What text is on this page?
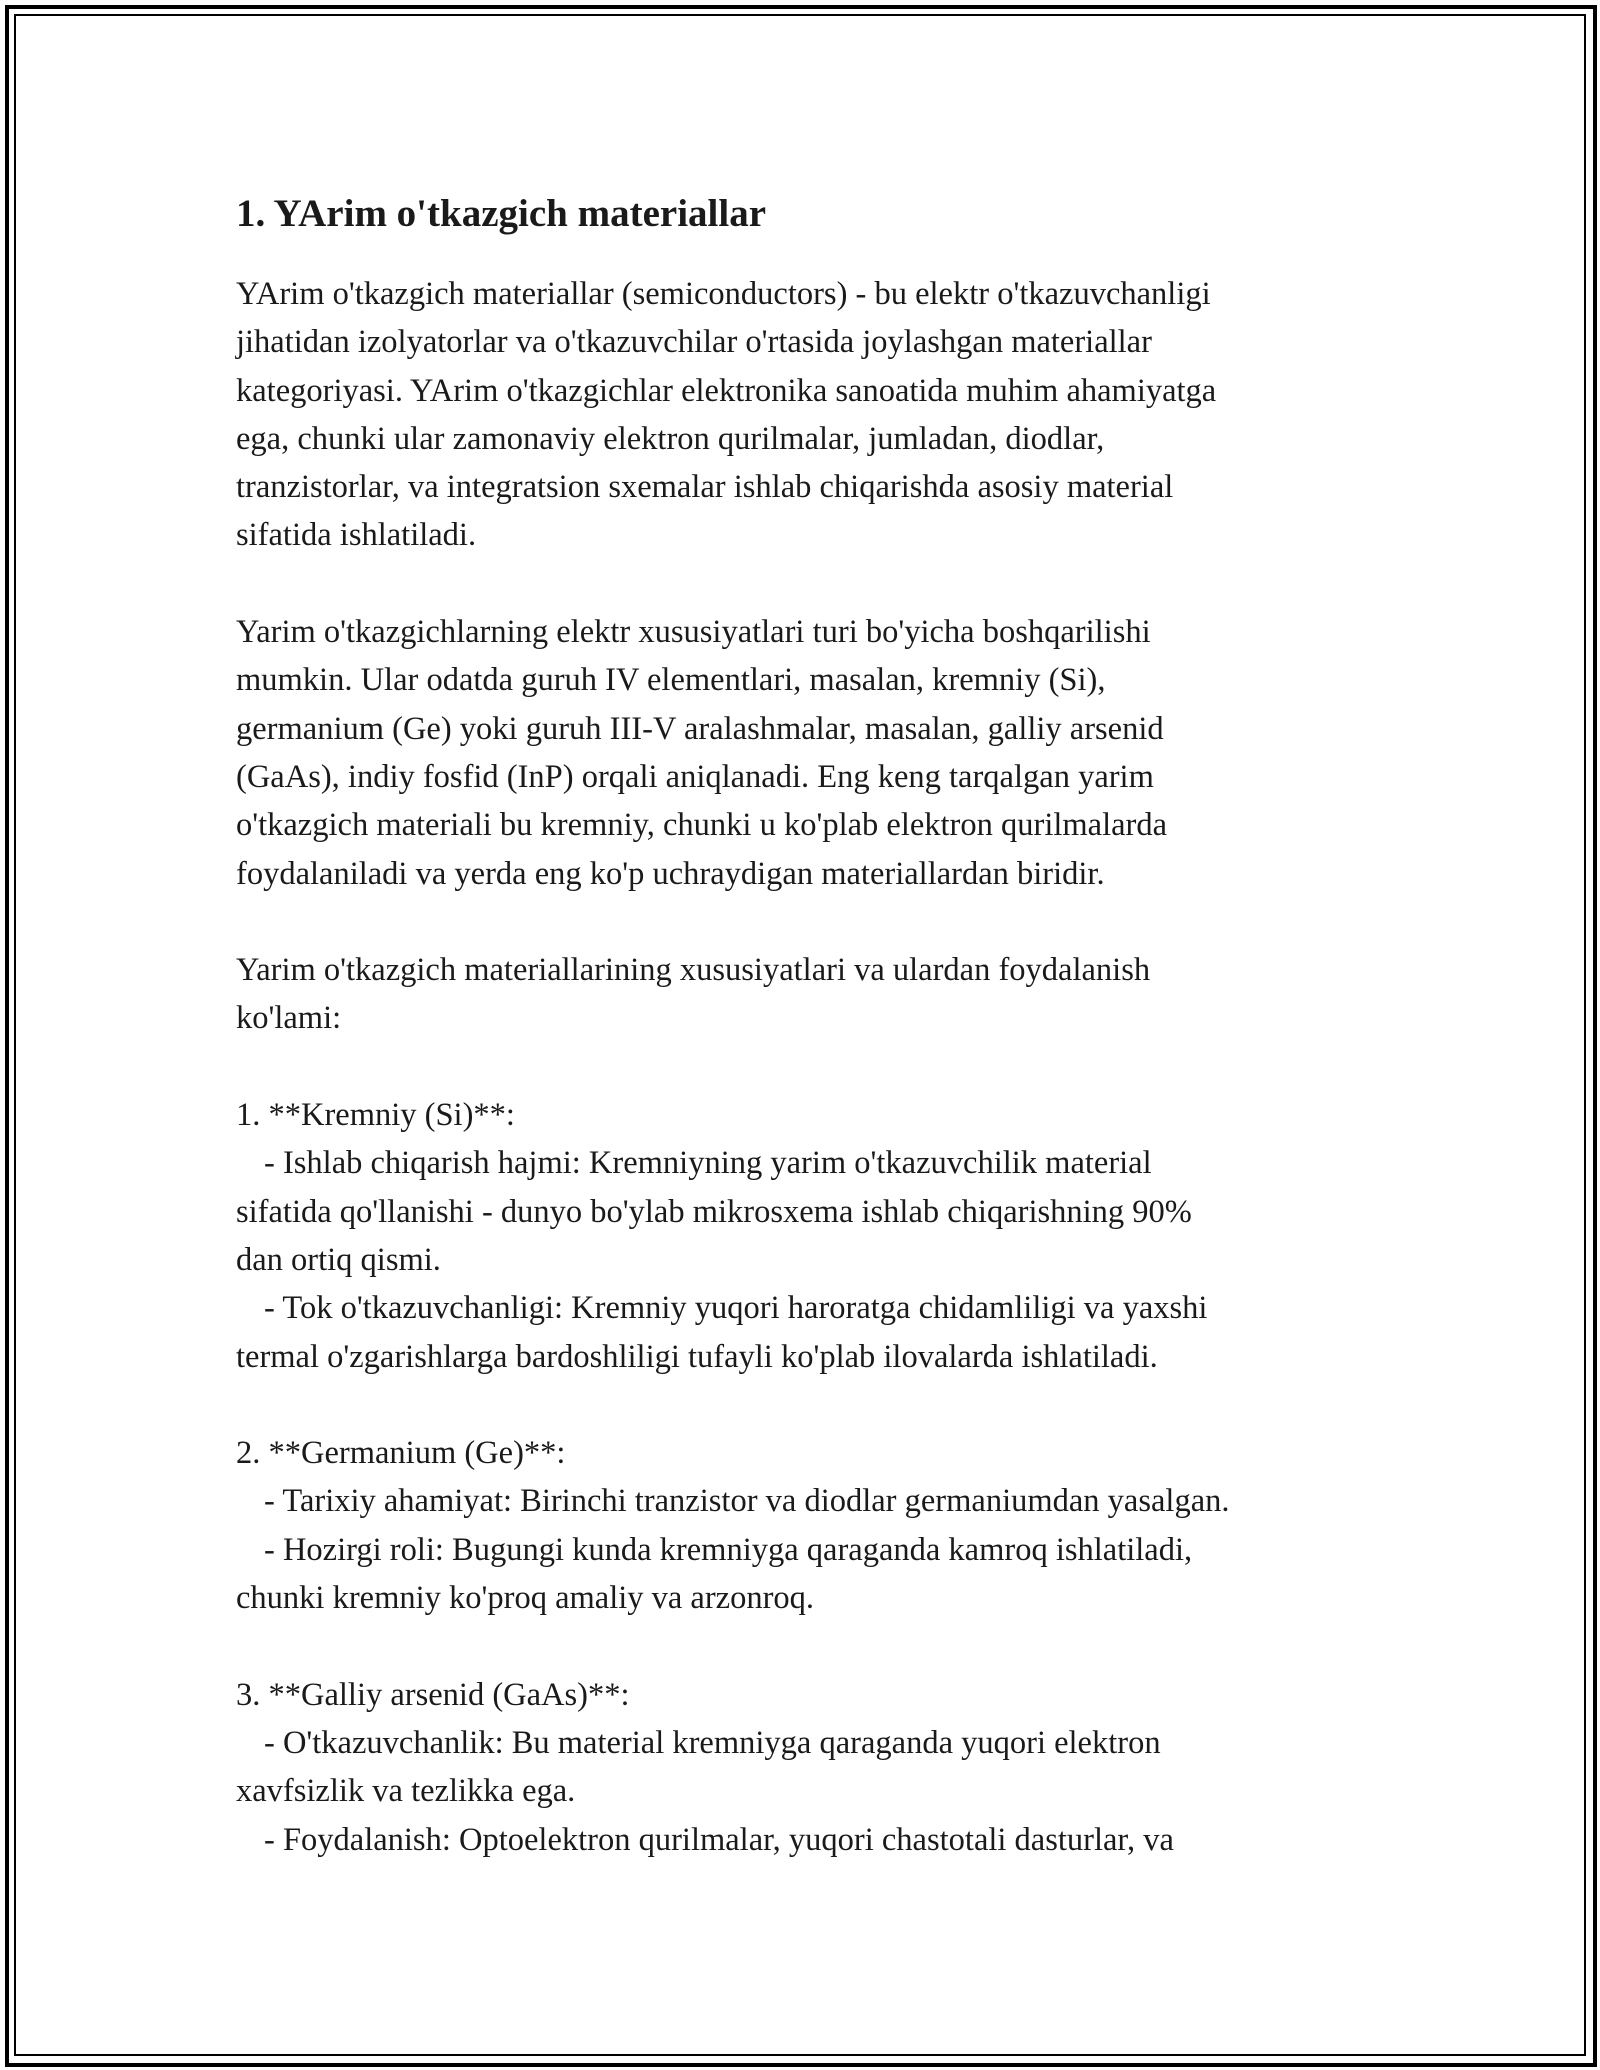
1. YArim o'tkazgich materiallar
YArim o'tkazgich materiallar (semiconductors) - bu elektr o'tkazuvchanligi
jihatidan izolyatorlar va o'tkazuvchilar o'rtasida joylashgan materiallar
kategoriyasi. YArim o'tkazgichlar elektronika sanoatida muhim ahamiyatga
ega, chunki ular zamonaviy elektron qurilmalar, jumladan, diodlar,
tranzistorlar, va integratsion sxemalar ishlab chiqarishda asosiy material
sifatida ishlatiladi.
Yarim o'tkazgichlarning elektr xususiyatlari turi bo'yicha boshqarilishi
mumkin. Ular odatda guruh IV elementlari, masalan, kremniy (Si),
germanium (Ge) yoki guruh III-V aralashmalar, masalan, galliy arsenid
(GaAs), indiy fosfid (InP) orqali aniqlanadi. Eng keng tarqalgan yarim
o'tkazgich materiali bu kremniy, chunki u ko'plab elektron qurilmalarda
foydalaniladi va yerda eng ko'p uchraydigan materiallardan biridir.
Yarim o'tkazgich materiallarining xususiyatlari va ulardan foydalanish
ko'lami:
1. **Kremniy (Si)**:
- Ishlab chiqarish hajmi: Kremniyning yarim o'tkazuvchilik material
sifatida qo'llanishi - dunyo bo'ylab mikrosxema ishlab chiqarishning 90%
dan ortiq qismi.
- Tok o'tkazuvchanligi: Kremniy yuqori haroratga chidamliligi va yaxshi
termal o'zgarishlarga bardoshliligi tufayli ko'plab ilovalarda ishlatiladi.
2. **Germanium (Ge)**:
- Tarixiy ahamiyat: Birinchi tranzistor va diodlar germaniumdan yasalgan.
- Hozirgi roli: Bugungi kunda kremniyga qaraganda kamroq ishlatiladi,
chunki kremniy ko'proq amaliy va arzonroq.
3. **Galliy arsenid (GaAs)**:
- O'tkazuvchanlik: Bu material kremniyga qaraganda yuqori elektron
xavfsizlik va tezlikka ega.
- Foydalanish: Optoelektron qurilmalar, yuqori chastotali dasturlar, va
